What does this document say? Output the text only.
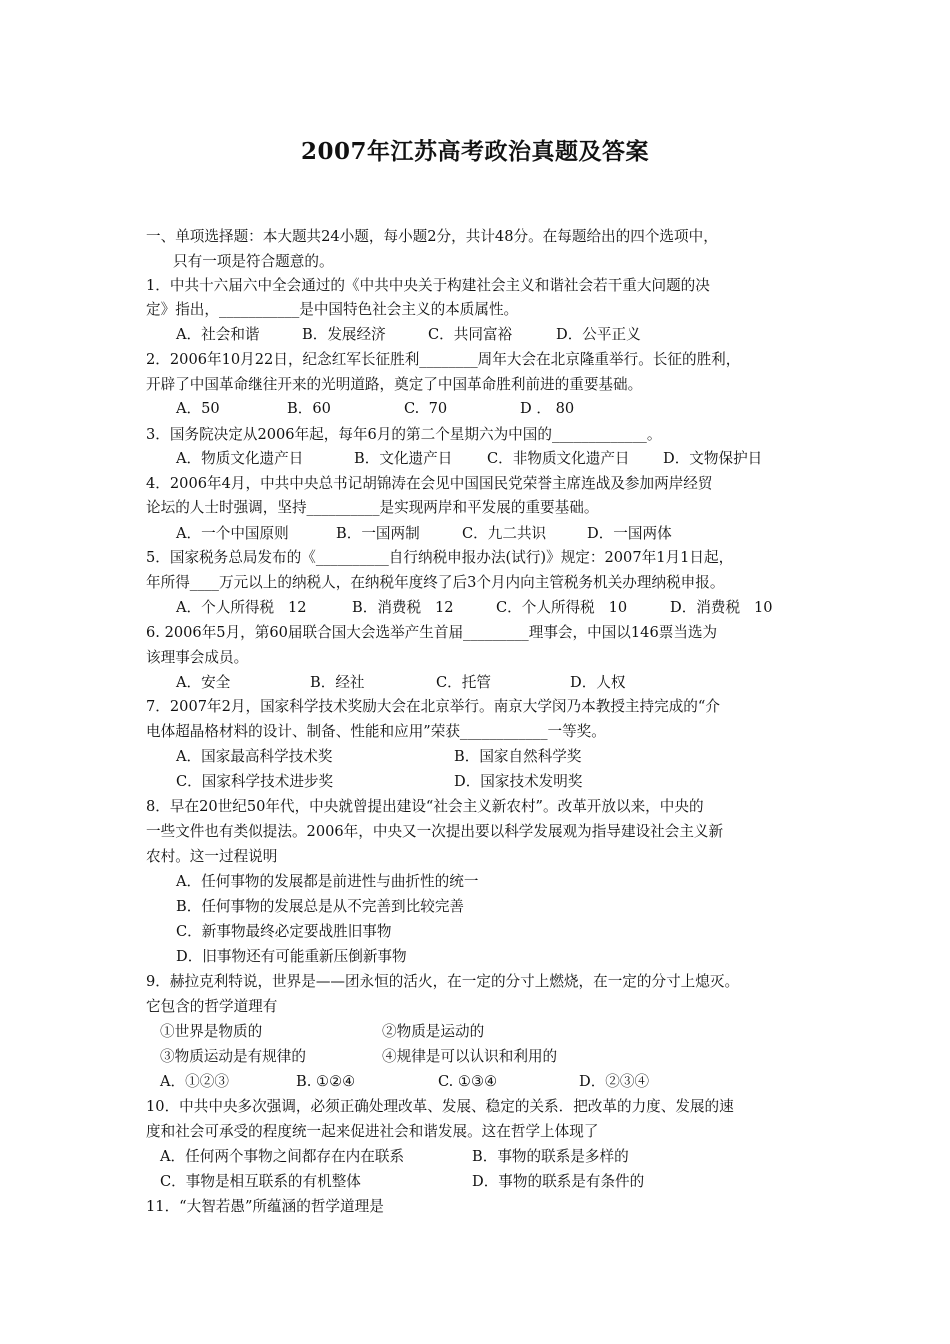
2007年江苏高考政治真题及答案
一、单项选择题：本大题共24小题，每小题2分，共计48分。在每题给出的四个选项中，
只有一项是符合题意的。
1．中共十六届六中全会通过的《中共中央关于构建社会主义和谐社会若干重大问题的决
定》指出，___________是中国特色社会主义的本质属性。
A．社会和谐	B．发展经济	C．共同富裕	D．公平正义
2．2006年10月22日，纪念红军长征胜利________周年大会在北京隆重举行。长征的胜利，
开辟了中国革命继往开来的光明道路，奠定了中国革命胜利前进的重要基础。
A．50	B．60	C.  70	D ． 80
3．国务院决定从2006年起，每年6月的第二个星期六为中国的_____________。
A．物质文化遗产日	B．文化遗产日 C．非物质文化遗产日 D．文物保护日
4．2006年4月，中共中央总书记胡锦涛在会见中国国民党荣誉主席连战及参加两岸经贸
论坛的人士时强调，坚持__________是实现两岸和平发展的重要基础。
A．一个中国原则	B．一国两制	C．九二共识	D．一国两体
5．国家税务总局发布的《__________自行纳税申报办法(试行)》规定：2007年1月1日起，
年所得____万元以上的纳税人，在纳税年度终了后3个月内向主管税务机关办理纳税申报。
A．个人所得税   12	B．消费税   12	C．个人所得税   10	D．消费税   10
6. 2006年5月，第60届联合国大会选举产生首届_________理事会，中国以146票当选为
该理事会成员。
A．安全	B．经社	C．托管	D．人权
7．2007年2月，国家科学技术奖励大会在北京举行。南京大学闵乃本教授主持完成的“介
电体超晶格材料的设计、制备、性能和应用”荣获____________一等奖。
A．国家最高科学技术奖	B．国家自然科学奖
C．国家科学技术进步奖	D．国家技术发明奖
8．早在20世纪50年代，中央就曾提出建设“社会主义新农村”。改革开放以来，中央的
一些文件也有类似提法。2006年，中央又一次提出要以科学发展观为指导建设社会主义新
农村。这一过程说明
A．任何事物的发展都是前进性与曲折性的统一
B．任何事物的发展总是从不完善到比较完善
C．新事物最终必定要战胜旧事物
D．旧事物还有可能重新压倒新事物
9．赫拉克利特说，世界是——团永恒的活火，在一定的分寸上燃烧，在一定的分寸上熄灭。
它包含的哲学道理有
①世界是物质的	②物质是运动的
③物质运动是有规律的	④规律是可以认识和利用的
A．①②③	B. ①②④	C. ①③④	D．②③④
10．中共中央多次强调，必须正确处理改革、发展、稳定的关系．把改革的力度、发展的速
度和社会可承受的程度统一起来促进社会和谐发展。这在哲学上体现了
A．任何两个事物之间都存在内在联系	B．事物的联系是多样的
C．事物是相互联系的有机整体	D．事物的联系是有条件的
11．“大智若愚”所蕴涵的哲学道理是
